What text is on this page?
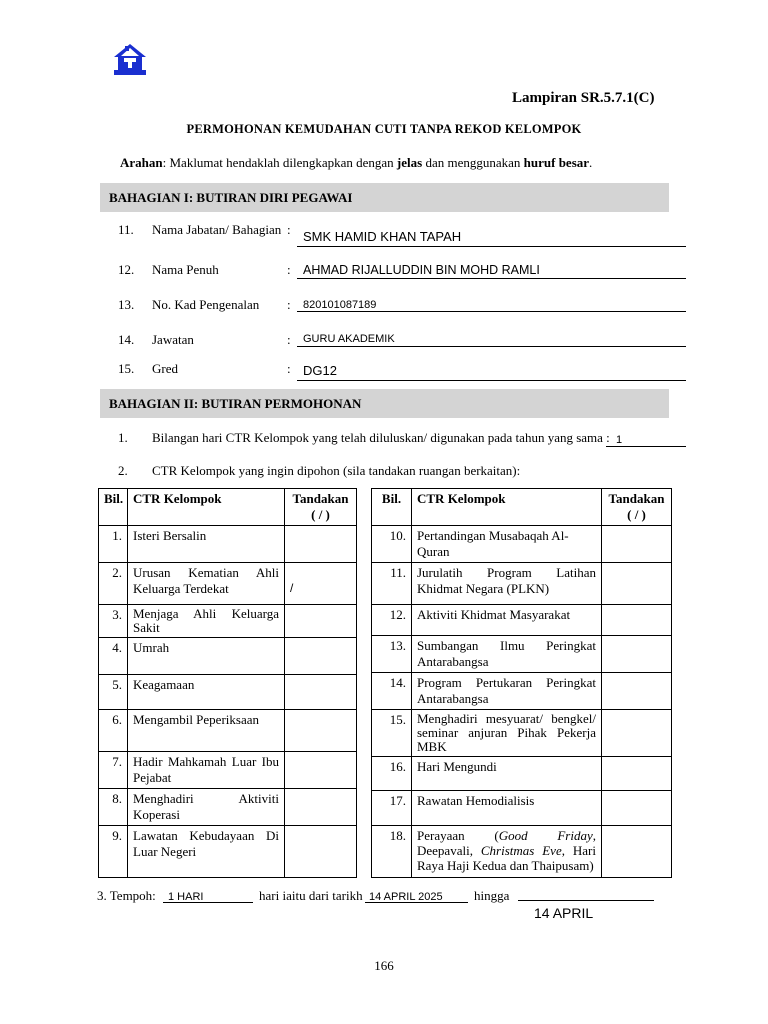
Lampiran SR.5.7.1(C)
PERMOHONAN KEMUDAHAN CUTI TANPA REKOD KELOMPOK
Arahan: Maklumat hendaklah dilengkapkan dengan jelas dan menggunakan huruf besar.
BAHAGIAN I: BUTIRAN DIRI PEGAWAI
11. Nama Jabatan/ Bahagian : SMK HAMID KHAN TAPAH
12. Nama Penuh	: AHMAD RIJALLUDDIN BIN MOHD RAMLI
13. No. Kad Pengenalan : 820101087189
14. Jawatan	: GURU AKADEMIK
15. Gred	: DG12
BAHAGIAN II: BUTIRAN PERMOHONAN
1. Bilangan hari CTR Kelompok yang telah diluluskan/ digunakan pada tahun yang sama : 1
2. CTR Kelompok yang ingin dipohon (sila tandakan ruangan berkaitan):
Bil.	CTR Kelompok	Tandakan
( / )
1.	Isteri Bersalin	
2.	Urusan Kematian Ahli Keluarga Terdekat	/
3.	Menjaga Ahli Keluarga Sakit	
4.	Umrah	
5.	Keagamaan	
6.	Mengambil Peperiksaan	
7.	Hadir Mahkamah Luar Ibu Pejabat	
8.	Menghadiri Aktiviti Koperasi	
9.	Lawatan Kebudayaan Di Luar Negeri	
Bil.	CTR Kelompok	Tandakan
( / )
10.	Pertandingan Musabaqah Al-Quran	
11.	Jurulatih Program Latihan Khidmat Negara (PLKN)	
12.	Aktiviti Khidmat Masyarakat	
13.	Sumbangan Ilmu Peringkat Antarabangsa	
14.	Program Pertukaran Peringkat Antarabangsa	
15.	Menghadiri mesyuarat/ bengkel/ seminar anjuran Pihak Pekerja MBK	
16.	Hari Mengundi	
17.	Rawatan Hemodialisis	
18.	Perayaan (Good Friday, Deepavali, Christmas Eve, Hari Raya Haji Kedua dan Thaipusam)	
3. Tempoh: 1 HARI	hari iaitu dari tarikh 14 APRIL 2025 hingga
14 APRIL
166
